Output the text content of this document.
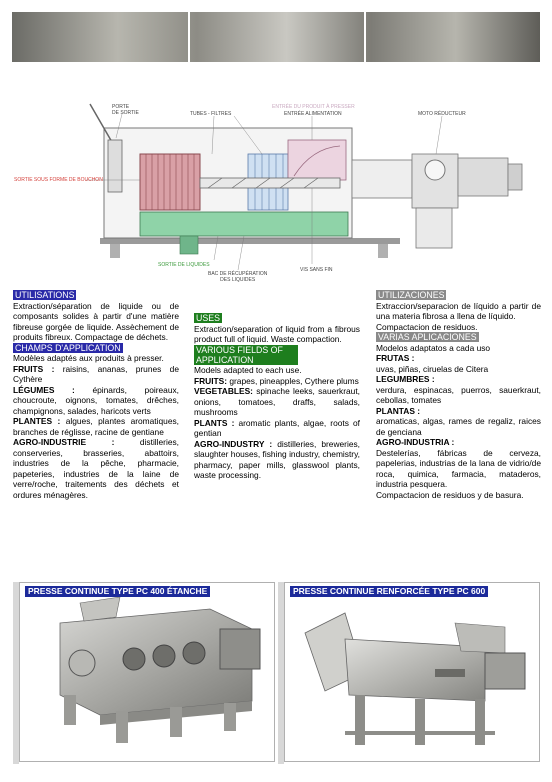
PORTE
DE SORTIE	TUBES - FILTRES
ENTRÉE DU PRODUIT À PRESSER
ENTRÉE ALIMENTATION	MOTO RÉDUCTEUR
SORTIE SOUS FORME DE BOUCHON
SORTIE DE LIQUIDES
BAC DE RÉCUPÉRATION
DES LIQUIDES
VIS SANS FIN
UTILISATIONS

Extraction/séparation de liquide ou de composants solides à partir d'une matière fibreuse gorgée de liquide. Assèchement de produits fibreux. Compactage de déchets.

CHAMPS D'APPLICATION

Modèles adaptés aux produits à presser.

FRUITS : raisins, ananas, prunes de Cythère

LÉGUMES : épinards, poireaux, choucroute, oignons, tomates, drêches, champignons, salades, haricots verts

PLANTES : algues, plantes aromatiques, branches de réglisse, racine de gentiane

AGRO-INDUSTRIE : distilleries, conserveries, brasseries, abattoirs, industries de la pêche, pharmacie, papeteries, industries de la laine de verre/roche, traitements des déchets et ordures ménagères.

USES

Extraction/separation of liquid from a fibrous product full of liquid. Waste compaction.

VARIOUS FIELDS OF APPLICATION

Models adapted to each use.

FRUITS: grapes, pineapples, Cythere plums

VEGETABLES: spinache leeks, sauerkraut, onions, tomatoes, draffs, salads, mushrooms

PLANTS : aromatic plants, algae, roots of gentian

AGRO-INDUSTRY : distilleries, breweries, slaughter houses, fishing industry, chemistry, pharmacy, paper mills, glasswool plants, waste processing.

UTILIZACIONES

Extraccion/separacion de líquido a partir de una materia fibrosa a llena de líquido.

Compactacion de residuos.

VARIAS APLICACIONES

Modelos adaptatos a cada uso

FRUTAS :

uvas, piñas, ciruelas de Citera

LEGUMBRES :

verdura, espinacas, puerros, sauerkraut, cebollas, tomates

PLANTAS :

aromaticas, algas, rames de regaliz, raices de genciana

AGRO-INDUSTRIA :

Destelerías, fábricas de cerveza, papelerias, industrias de la lana de vidrio/de roca, quimica, farmacia, mataderos, industria pesquera.

Compactacion de residuos y de basura.

PRESSE CONTINUE TYPE PC 400 ÉTANCHE	PRESSE CONTINUE RENFORCÉE TYPE PC 600
